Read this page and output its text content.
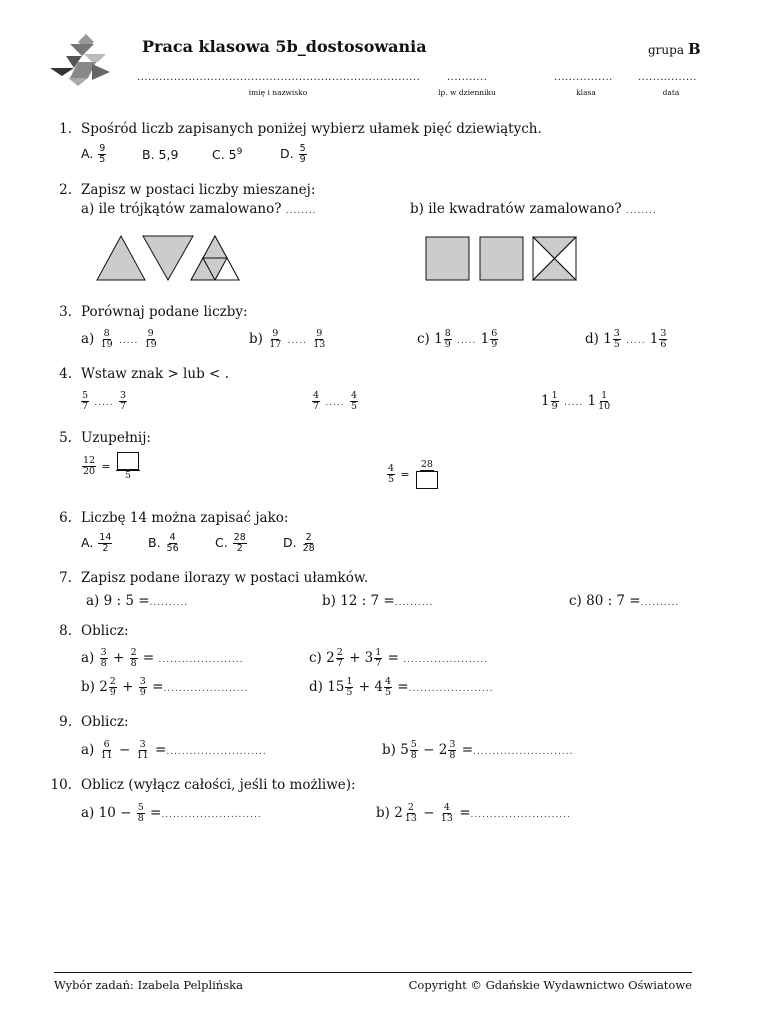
Praca klasowa 5b_dostosowania	grupa B
.............................................................................	...........	................	................
imię i nazwisko	lp. w dzienniku	klasa	data
1. Spośród liczb zapisanych poniżej wybierz ułamek pięć dziewiątych.
A. $\frac{9}{5}$	B. 5,9	C. $5^9$	D. $\frac{5}{9}$
2. Zapisz w postaci liczby mieszanej:
a) ile trójkątów zamalowano? ........	b) ile kwadratów zamalowano? ........
3. Porównaj podane liczby:
$a) \frac{8}{19}$ ..... $\frac{9}{19}$	$b) \frac{9}{17}$ ..... $\frac{9}{13}$	c) $1 \frac{8}{9}$ ..... $1 \frac{6}{9}$	d) $1 \frac{3}{5}$ ..... $1 \frac{3}{6}$
4. Wstaw znak > lub < .
$\frac{5}{7}$ ..... $\frac{3}{7}$	$\frac{4}{7}$ ..... $\frac{4}{5}$	$1 \frac{1}{9}$ ..... $1 \frac{1}{10}$
5. Uzupełnij:
$\frac{12}{20}$ =
5	$\frac{4}{5}$ =
28
6. Liczbę 14 można zapisać jako:
A. $\frac{14}{2}$	B. $\frac{4}{56}$	C. $\frac{28}{2}$	D. $\frac{2}{28}$
7. Zapisz podane ilorazy w postaci ułamków.
a) 9 : 5 =..........	b) 12 : 7 =..........	c) 80 : 7 =..........
8. Oblicz:
$a) \frac{3}{8} + \frac{2}{8}$ = ......................	c) $2 \frac{2}{7} + 3 \frac{1}{7}$ = ......................
b) $2 \frac{2}{9} + \frac{3}{9}$ =......................	d) $15 \frac{1}{5} + 4 \frac{4}{5}$ =......................
9. Oblicz:
$a) \frac{6}{11} - \frac{3}{11}$ =..........................	b) $5 \frac{5}{8} - 2 \frac{3}{8}$ =..........................
10. Oblicz (wyłącz całości, jeśli to możliwe):
a) $10 - \frac{5}{8}$ =..........................	b) $2 \frac{2}{13} - \frac{4}{13}$ =..........................
Wybór zadań: Izabela Pelplińska	Copyright © Gdańskie Wydawnictwo Oświatowe
